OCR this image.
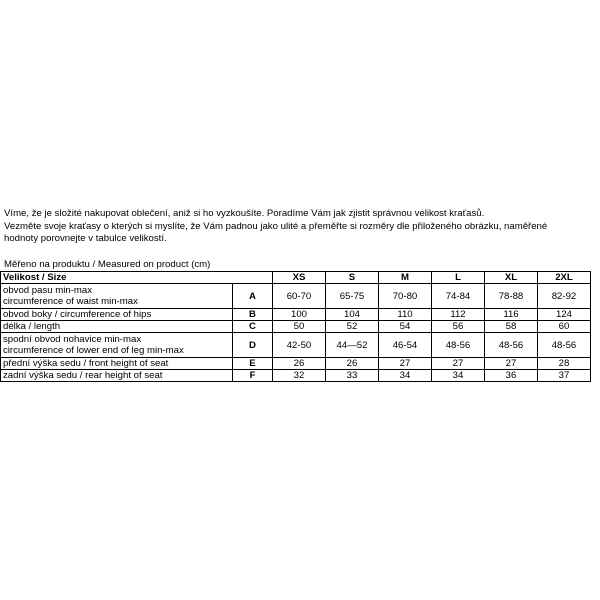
Víme, že je složité nakupovat oblečení, aniž si ho vyzkoušíte. Poradíme Vám jak zjistit správnou velikost kraťasů.

Vezměte svoje kraťasy o kterých si myslíte, že Vám padnou jako ulité a přeměřte si rozměry dle přiloženého obrázku, naměřené

hodnoty porovnejte v tabulce velikostí.

Měřeno na produktu / Measured on product (cm)
Velikost / Size		XS	S	M	L	XL	2XL

obvod pasu min-max
circumference of waist min-max	A	60-70	65-75	70-80	74-84	78-88	82-92

obvod boky / circumference of hips	B	100	104	110	112	116	124

délka / length	C	50	52	54	56	58	60

spodní obvod nohavice min-max
circumference of lower end of leg min-max	D	42-50	44—52	46-54	48-56	48-56	48-56

přední výška sedu / front height of seat	E	26	26	27	27	27	28

zadní výška sedu / rear height of seat	F	32	33	34	34	36	37
